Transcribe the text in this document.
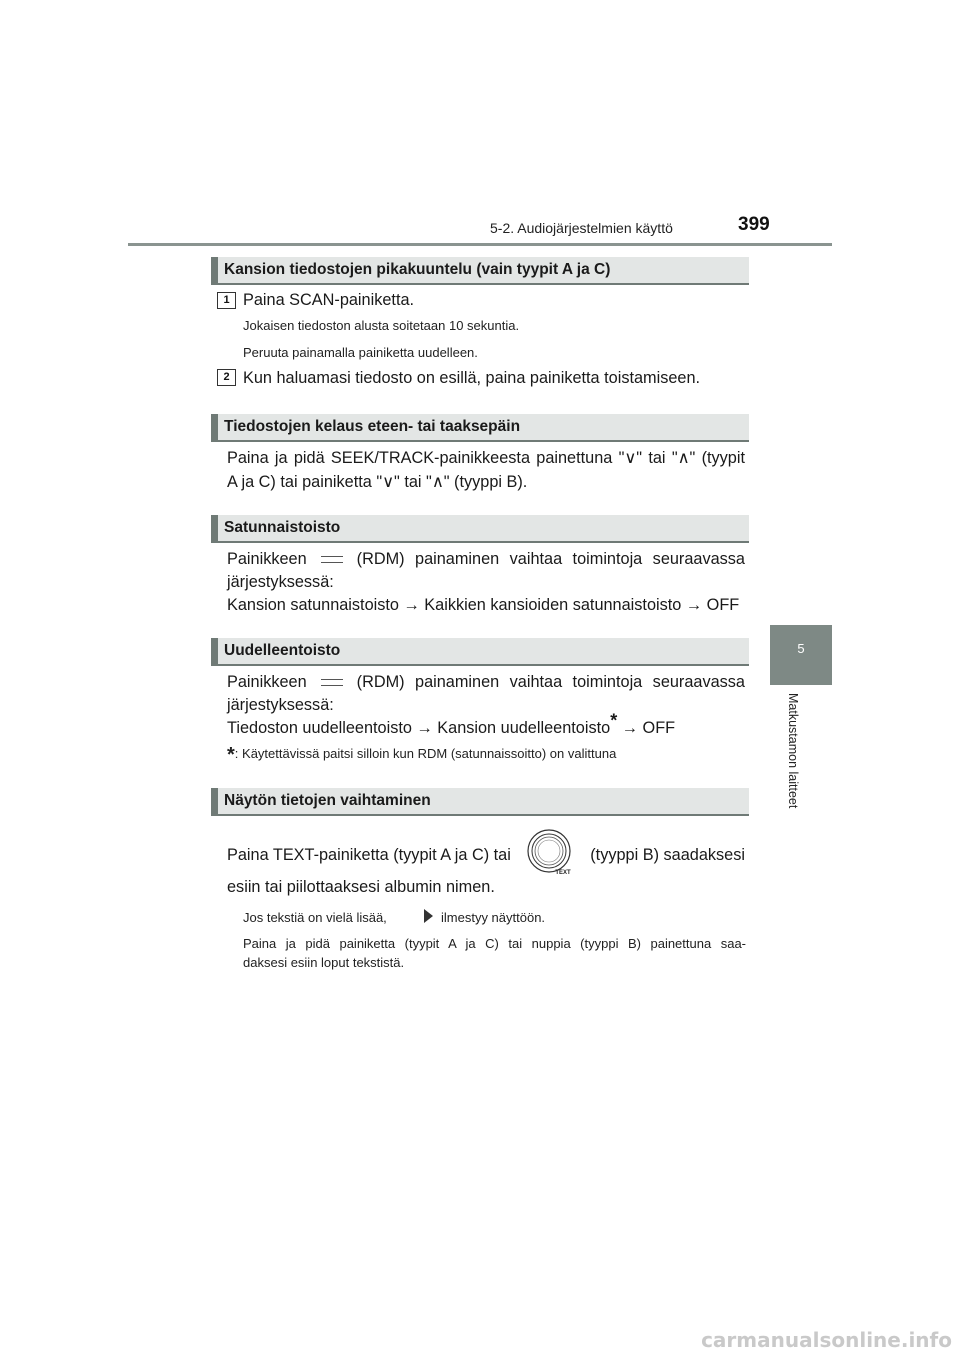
5-2. Audiojärjestelmien käyttö	399
5
Matkustamon laitteet
Kansion tiedostojen pikakuuntelu (vain tyypit A ja C)
1 Paina SCAN-painiketta.
Jokaisen tiedoston alusta soitetaan 10 sekuntia.
Peruuta painamalla painiketta uudelleen.
2 Kun haluamasi tiedosto on esillä, paina painiketta toistamiseen.
Tiedostojen kelaus eteen- tai taaksepäin
Paina ja pidä SEEK/TRACK-painikkeesta painettuna "∨" tai "∧" (tyypit
A ja C) tai painiketta "∨" tai "∧" (tyyppi B).
Satunnaistoisto
Painikkeen	(RDM) painaminen vaihtaa toimintoja seuraavassa
järjestyksessä:
Kansion satunnaistoisto → Kaikkien kansioiden satunnaistoisto → OFF
Uudelleentoisto
Painikkeen	(RDM) painaminen vaihtaa toimintoja seuraavassa
järjestyksessä:
Tiedoston uudelleentoisto → Kansion uudelleentoisto* → OFF
*: Käytettävissä paitsi silloin kun RDM (satunnaissoitto) on valittuna
Näytön tietojen vaihtaminen
Paina TEXT-painiketta (tyypit A ja C) tai	(tyyppi B) saadaksesi
TEXT
esiin tai piilottaaksesi albumin nimen.
Jos tekstiä on vielä lisää,	ilmestyy näyttöön.
Paina ja pidä painiketta (tyypit A ja C) tai nuppia (tyyppi B) painettuna saa-
daksesi esiin loput tekstistä.
carmanualsonline.info
